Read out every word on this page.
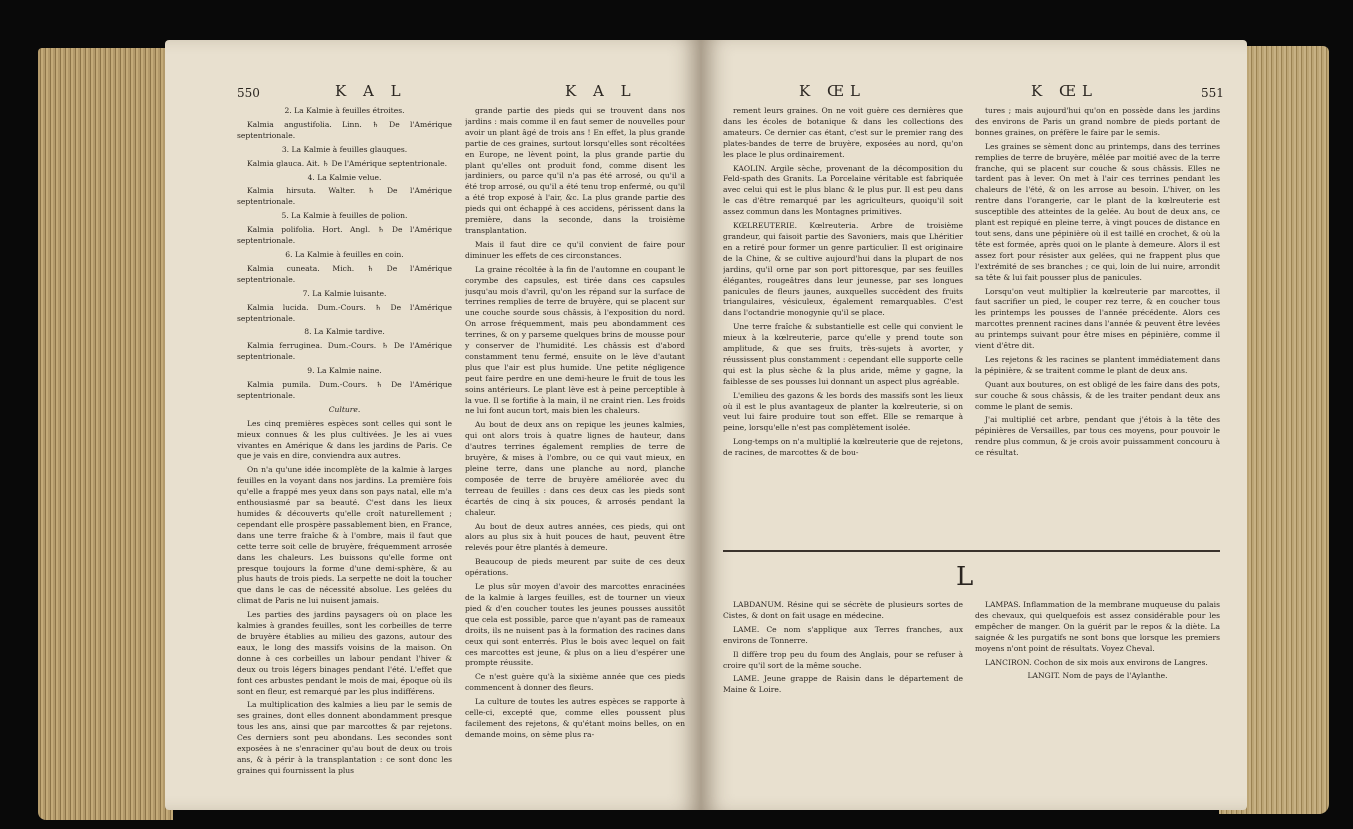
550	K A L	K A L

2. La Kalmie à feuilles étroites.

Kalmia angustifolia. Linn. ♄ De l'Amérique septentrionale.

3. La Kalmie à feuilles glauques.

Kalmia glauca. Ait. ♄ De l'Amérique septentrionale.

4. La Kalmie velue.

Kalmia hirsuta. Walter. ♄ De l'Amérique septentrionale.

5. La Kalmie à feuilles de polion.

Kalmia polifolia. Hort. Angl. ♄ De l'Amérique septentrionale.

6. La Kalmie à feuilles en coin.

Kalmia cuneata. Mich. ♄ De l'Amérique septentrionale.

7. La Kalmie luisante.

Kalmia lucida. Dum.-Cours. ♄ De l'Amérique septentrionale.

8. La Kalmie tardive.

Kalmia ferruginea. Dum.-Cours. ♄ De l'Amérique septentrionale.

9. La Kalmie naine.

Kalmia pumila. Dum.-Cours. ♄ De l'Amérique septentrionale.

Culture.

Les cinq premières espèces sont celles qui sont le mieux connues & les plus cultivées. Je les ai vues vivantes en Amérique & dans les jardins de Paris. Ce que je vais en dire, conviendra aux autres.

On n'a qu'une idée incomplète de la kalmie à larges feuilles en la voyant dans nos jardins. La première fois qu'elle a frappé mes yeux dans son pays natal, elle m'a enthousiasmé par sa beauté. C'est dans les lieux humides & découverts qu'elle croît naturellement ; cependant elle prospère passablement bien, en France, dans une terre fraîche & à l'ombre, mais il faut que cette terre soit celle de bruyère, fréquemment arrosée dans les chaleurs. Les buissons qu'elle forme ont presque toujours la forme d'une demi-sphère, & au plus hauts de trois pieds. La serpette ne doit la toucher que dans le cas de nécessité absolue. Les gelées du climat de Paris ne lui nuisent jamais.

Les parties des jardins paysagers où on place les kalmies à grandes feuilles, sont les corbeilles de terre de bruyère établies au milieu des gazons, autour des eaux, le long des massifs voisins de la maison. On donne à ces corbeilles un labour pendant l'hiver & deux ou trois légers binages pendant l'été. L'effet que font ces arbustes pendant le mois de mai, époque où ils sont en fleur, est remarqué par les plus indifférens.

La multiplication des kalmies a lieu par le semis de ses graines, dont elles donnent abondamment presque tous les ans, ainsi que par marcottes & par rejetons. Ces derniers sont peu abondans. Les secondes sont exposées à ne s'enraciner qu'au bout de deux ou trois ans, & à périr à la transplantation : ce sont donc les graines qui fournissent la plus

grande partie des pieds qui se trouvent dans nos jardins : mais comme il en faut semer de nouvelles pour avoir un plant âgé de trois ans ! En effet, la plus grande partie de ces graines, surtout lorsqu'elles sont récoltées en Europe, ne lèvent point, la plus grande partie du plant qu'elles ont produit fond, comme disent les jardiniers, ou parce qu'il n'a pas été arrosé, ou qu'il a été trop arrosé, ou qu'il a été tenu trop enfermé, ou qu'il a été trop exposé à l'air, &c. La plus grande partie des pieds qui ont échappé à ces accidens, périssent dans la première, dans la seconde, dans la troisième transplantation.

Mais il faut dire ce qu'il convient de faire pour diminuer les effets de ces circonstances.

La graine récoltée à la fin de l'automne en coupant le corymbe des capsules, est tirée dans ces capsules jusqu'au mois d'avril, qu'on les répand sur la surface de terrines remplies de terre de bruyère, qui se placent sur une couche sourde sous châssis, à l'exposition du nord. On arrose fréquemment, mais peu abondamment ces terrines, & on y parseme quelques brins de mousse pour y conserver de l'humidité. Les châssis est d'abord constamment tenu fermé, ensuite on le lève d'autant plus que l'air est plus humide. Une petite négligence peut faire perdre en une demi-heure le fruit de tous les soins antérieurs. Le plant lève est à peine perceptible à la vue. Il se fortifie à la main, il ne craint rien. Les froids ne lui font aucun tort, mais bien les chaleurs.

Au bout de deux ans on repique les jeunes kalmies, qui ont alors trois à quatre lignes de hauteur, dans d'autres terrines également remplies de terre de bruyère, & mises à l'ombre, ou ce qui vaut mieux, en pleine terre, dans une planche au nord, planche composée de terre de bruyère améliorée avec du terreau de feuilles : dans ces deux cas les pieds sont écartés de cinq à six pouces, & arrosés pendant la chaleur.

Au bout de deux autres années, ces pieds, qui ont alors au plus six à huit pouces de haut, peuvent être relevés pour être plantés à demeure.

Beaucoup de pieds meurent par suite de ces deux opérations.

Le plus sûr moyen d'avoir des marcottes enracinées de la kalmie à larges feuilles, est de tourner un vieux pied & d'en coucher toutes les jeunes pousses aussitôt que cela est possible, parce que n'ayant pas de rameaux droits, ils ne nuisent pas à la formation des racines dans ceux qui sont enterrés. Plus le bois avec lequel on fait ces marcottes est jeune, & plus on a lieu d'espérer une prompte réussite.

Ce n'est guère qu'à la sixième année que ces pieds commencent à donner des fleurs.

La culture de toutes les autres espèces se rapporte à celle-ci, excepté que, comme elles poussent plus facilement des rejetons, & qu'étant moins belles, on en demande moins, on sème plus ra-

K ŒL	K ŒL	551

rement leurs graines. On ne voit guère ces dernières que dans les écoles de botanique & dans les collections des amateurs. Ce dernier cas étant, c'est sur le premier rang des plates-bandes de terre de bruyère, exposées au nord, qu'on les place le plus ordinairement.

KAOLIN. Argile sèche, provenant de la décomposition du Feld-spath des Granits. La Porcelaine véritable est fabriquée avec celui qui est le plus blanc & le plus pur. Il est peu dans le cas d'être remarqué par les agriculteurs, quoiqu'il soit assez commun dans les Montagnes primitives.

KŒLREUTERIE. Kœlreuteria. Arbre de troisième grandeur, qui faisoit partie des Savoniers, mais que Lhéritier en a retiré pour former un genre particulier. Il est originaire de la Chine, & se cultive aujourd'hui dans la plupart de nos jardins, qu'il orne par son port pittoresque, par ses feuilles élégantes, rougeâtres dans leur jeunesse, par ses longues panicules de fleurs jaunes, auxquelles succèdent des fruits triangulaires, vésiculeux, également remarquables. C'est dans l'octandrie monogynie qu'il se place.

Une terre fraîche & substantielle est celle qui convient le mieux à la kœlreuterie, parce qu'elle y prend toute son amplitude, & que ses fruits, très-sujets à avorter, y réussissent plus constamment : cependant elle supporte celle qui est la plus sèche & la plus aride, même y gagne, la faiblesse de ses pousses lui donnant un aspect plus agréable.

L'emilieu des gazons & les bords des massifs sont les lieux où il est le plus avantageux de planter la kœlreuterie, si on veut lui faire produire tout son effet. Elle se remarque à peine, lorsqu'elle n'est pas complètement isolée.

Long-temps on n'a multiplié la kœlreuterie que de rejetons, de racines, de marcottes & de bou-

tures ; mais aujourd'hui qu'on en possède dans les jardins des environs de Paris un grand nombre de pieds portant de bonnes graines, on préfère le faire par le semis.

Les graines se sèment donc au printemps, dans des terrines remplies de terre de bruyère, mêlée par moitié avec de la terre franche, qui se placent sur couche & sous châssis. Elles ne tardent pas à lever. On met à l'air ces terrines pendant les chaleurs de l'été, & on les arrose au besoin. L'hiver, on les rentre dans l'orangerie, car le plant de la kœlreuterie est susceptible des atteintes de la gelée. Au bout de deux ans, ce plant est repiqué en pleine terre, à vingt pouces de distance en tout sens, dans une pépinière où il est taillé en crochet, & où la tête est formée, après quoi on le plante à demeure. Alors il est assez fort pour résister aux gelées, qui ne frappent plus que l'extrémité de ses branches ; ce qui, loin de lui nuire, arrondit sa tête & lui fait pousser plus de panicules.

Lorsqu'on veut multiplier la kœlreuterie par marcottes, il faut sacrifier un pied, le couper rez terre, & en coucher tous les printemps les pousses de l'année précédente. Alors ces marcottes prennent racines dans l'année & peuvent être levées au printemps suivant pour être mises en pépinière, comme il vient d'être dit.

Les rejetons & les racines se plantent immédiatement dans la pépinière, & se traitent comme le plant de deux ans.

Quant aux boutures, on est obligé de les faire dans des pots, sur couche & sous châssis, & de les traiter pendant deux ans comme le plant de semis.

J'ai multiplié cet arbre, pendant que j'étois à la tête des pépinières de Versailles, par tous ces moyens, pour pouvoir le rendre plus commun, & je crois avoir puissamment concouru à ce résultat.

L

LABDANUM. Résine qui se sécrète de plusieurs sortes de Cistes, & dont on fait usage en médecine.

LAME. Ce nom s'applique aux Terres franches, aux environs de Tonnerre.

Il diffère trop peu du foum des Anglais, pour se refuser à croire qu'il sort de la même souche.

LAME. Jeune grappe de Raisin dans le département de Maine & Loire.

LAMPAS. Inflammation de la membrane muqueuse du palais des chevaux, qui quelquefois est assez considérable pour les empêcher de manger. On la guérit par le repos & la diète. La saignée & les purgatifs ne sont bons que lorsque les premiers moyens n'ont point de résultats. Voyez Cheval.

LANCIRON. Cochon de six mois aux environs de Langres.

LANGIT. Nom de pays de l'Aylanthe.
